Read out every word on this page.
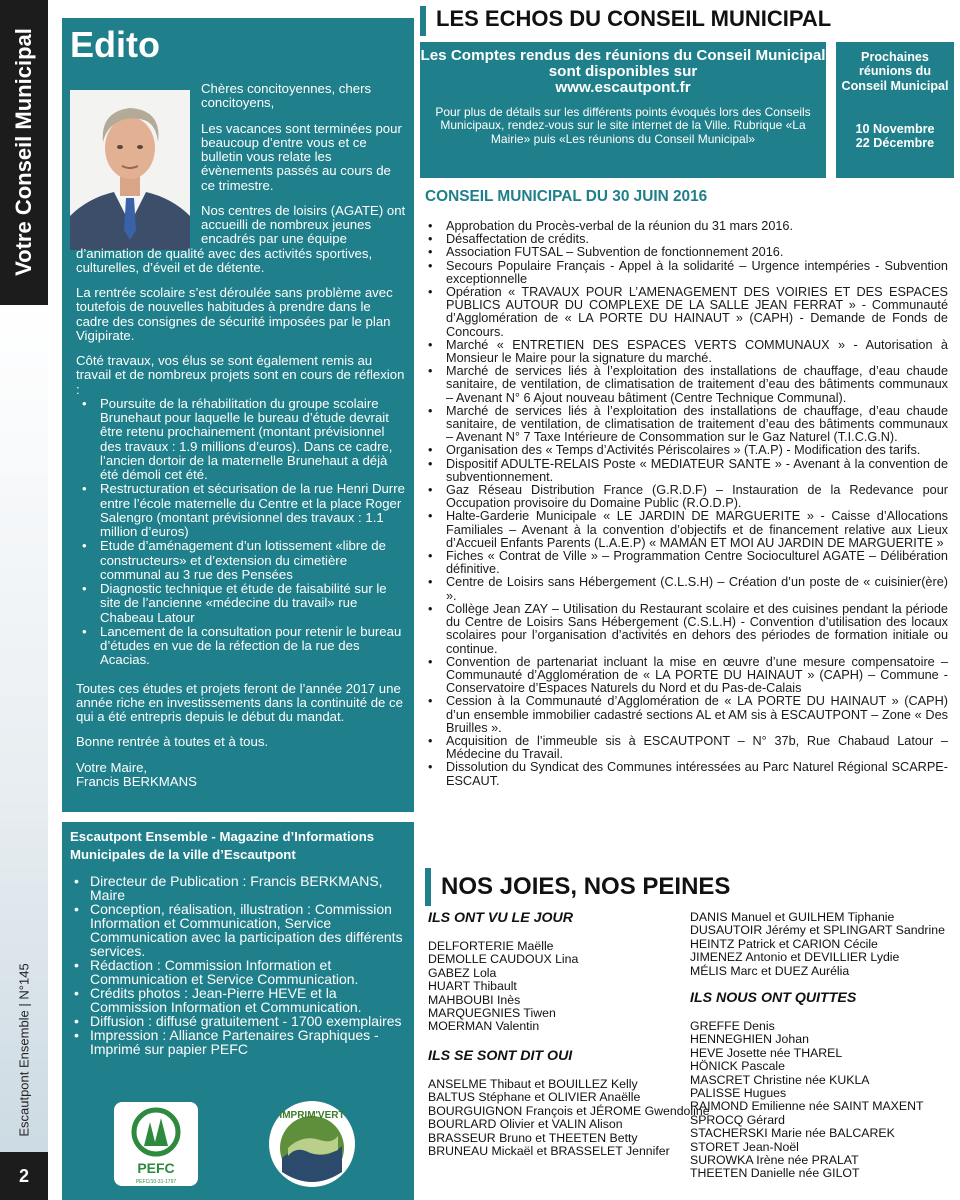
Votre Conseil Municipal
Escautpont Ensemble | N°145
2
Edito

Chères concitoyennes, chers concitoyens,

Les vacances sont terminées pour beaucoup d’entre vous et ce bulletin vous relate les évènements passés au cours de ce trimestre.

Nos centres de loisirs (AGATE) ont accueilli de nombreux jeunes encadrés par une équipe d’animation de qualité avec des activités sportives, culturelles, d’éveil et de détente.

La rentrée scolaire s’est déroulée sans problème avec toutefois de nouvelles habitudes à prendre dans le cadre des consignes de sécurité imposées par le plan Vigipirate.

Côté travaux, vos élus se sont également remis au travail et de nombreux projets sont en cours de réflexion :

• Poursuite de la réhabilitation du groupe scolaire Brunehaut pour laquelle le bureau d’étude devrait être retenu prochainement (montant prévisionnel des travaux : 1.9 millions d’euros). Dans ce cadre, l’ancien dortoir de la maternelle Brunehaut a déjà été démoli cet été.
• Restructuration et sécurisation de la rue Henri Durre entre l’école maternelle du Centre et la place Roger Salengro (montant prévisionnel des travaux : 1.1 million d’euros)
• Etude d’aménagement d’un lotissement «libre de constructeurs» et d’extension du cimetière communal au 3 rue des Pensées
• Diagnostic technique et étude de faisabilité sur le site de l’ancienne «médecine du travail» rue Chabeau Latour
• Lancement de la consultation pour retenir le bureau d’études en vue de la réfection de la rue des Acacias.

Toutes ces études et projets feront de l’année 2017 une année riche en investissements dans la continuité de ce qui a été entrepris depuis le début du mandat.

Bonne rentrée à toutes et à tous.

Votre Maire,
Francis BERKMANS
Escautpont Ensemble - Magazine d’Informations Municipales de la ville d’Escautpont
• Directeur de Publication : Francis BERKMANS, Maire
• Conception, réalisation, illustration : Commission Information et Communication, Service Communication avec la participation des différents services.
• Rédaction : Commission Information et Communication et Service Communication.
• Crédits photos : Jean-Pierre HEVE et la Commission Information et Communication.
• Diffusion : diffusé gratuitement - 1700 exemplaires
• Impression : Alliance Partenaires Graphiques - Imprimé sur papier PEFC
PEFC
PEFC/10-31-1797
IMPRIM'VERT
LES ECHOS DU CONSEIL MUNICIPAL
Les Comptes rendus des réunions du Conseil Municipal sont disponibles sur
www.escautpont.fr
Pour plus de détails sur les différents points évoqués lors des Conseils Municipaux, rendez-vous sur le site internet de la Ville. Rubrique «La Mairie» puis «Les réunions du Conseil Municipal»
Prochaines réunions du Conseil Municipal
10 Novembre
22 Décembre
CONSEIL MUNICIPAL DU 30 JUIN 2016
• Approbation du Procès-verbal de la réunion du 31 mars 2016.
• Désaffectation de crédits.
• Association FUTSAL – Subvention de fonctionnement 2016.
• Secours Populaire Français - Appel à la solidarité – Urgence intempéries - Subvention exceptionnelle
• Opération « TRAVAUX POUR L’AMENAGEMENT DES VOIRIES ET DES ESPACES PUBLICS AUTOUR DU COMPLEXE DE LA SALLE JEAN FERRAT » - Communauté d’Agglomération de « LA PORTE DU HAINAUT » (CAPH) - Demande de Fonds de Concours.
• Marché « ENTRETIEN DES ESPACES VERTS COMMUNAUX » - Autorisation à Monsieur le Maire pour la signature du marché.
• Marché de services liés à l’exploitation des installations de chauffage, d’eau chaude sanitaire, de ventilation, de climatisation de traitement d’eau des bâtiments communaux – Avenant N° 6 Ajout nouveau bâtiment (Centre Technique Communal).
• Marché de services liés à l’exploitation des installations de chauffage, d’eau chaude sanitaire, de ventilation, de climatisation de traitement d’eau des bâtiments communaux – Avenant N° 7 Taxe Intérieure de Consommation sur le Gaz Naturel (T.I.C.G.N).
• Organisation des « Temps d’Activités Périscolaires » (T.A.P) - Modification des tarifs.
• Dispositif ADULTE-RELAIS Poste « MEDIATEUR SANTE » - Avenant à la convention de subventionnement.
• Gaz Réseau Distribution France (G.R.D.F) – Instauration de la Redevance pour Occupation provisoire du Domaine Public (R.O.D.P).
• Halte-Garderie Municipale « LE JARDIN DE MARGUERITE » - Caisse d’Allocations Familiales – Avenant à la convention d’objectifs et de financement relative aux Lieux d’Accueil Enfants Parents (L.A.E.P) « MAMAN ET MOI AU JARDIN DE MARGUERITE »
• Fiches « Contrat de Ville » – Programmation Centre Socioculturel AGATE – Délibération définitive.
• Centre de Loisirs sans Hébergement (C.L.S.H) – Création d’un poste de « cuisinier(ère) ».
• Collège Jean ZAY – Utilisation du Restaurant scolaire et des cuisines pendant la période du Centre de Loisirs Sans Hébergement (C.S.L.H) - Convention d’utilisation des locaux scolaires pour l’organisation d’activités en dehors des périodes de formation initiale ou continue.
• Convention de partenariat incluant la mise en œuvre d’une mesure compensatoire – Communauté d’Agglomération de « LA PORTE DU HAINAUT » (CAPH) – Commune - Conservatoire d’Espaces Naturels du Nord et du Pas-de-Calais
• Cession à la Communauté d’Agglomération de « LA PORTE DU HAINAUT » (CAPH) d’un ensemble immobilier cadastré sections AL et AM sis à ESCAUTPONT – Zone « Des Bruilles ».
• Acquisition de l’immeuble sis à ESCAUTPONT – N° 37b, Rue Chabaud Latour – Médecine du Travail.
• Dissolution du Syndicat des Communes intéressées au Parc Naturel Régional SCARPE-ESCAUT.
NOS JOIES, NOS PEINES
ILS ONT VU LE JOUR
DELFORTERIE Maëlle
DEMOLLE CAUDOUX Lina
GABEZ Lola
HUART Thibault
MAHBOUBI Inès
MARQUEGNIES Tiwen
MOERMAN Valentin
ILS SE SONT DIT OUI
ANSELME Thibaut et BOUILLEZ Kelly
BALTUS Stéphane et OLIVIER Anaëlle
BOURGUIGNON François et JÉROME Gwendoline
BOURLARD Olivier et VALIN Alison
BRASSEUR Bruno et THEETEN Betty
BRUNEAU Mickaël et BRASSELET Jennifer
DANIS Manuel et GUILHEM Tiphanie
DUSAUTOIR Jérémy et SPLINGART Sandrine
HEINTZ Patrick et CARION Cécile
JIMENEZ Antonio et DEVILLIER Lydie
MÉLIS Marc et DUEZ Aurélia
ILS NOUS ONT QUITTES
GREFFE Denis
HENNEGHIEN Johan
HEVE Josette née THAREL
HÖNICK Pascale
MASCRET Christine née KUKLA
PALISSE Hugues
RAIMOND Emilienne née SAINT MAXENT
SPROCQ Gérard
STACHERSKI Marie née BALCAREK
STORET Jean-Noël
SUROWKA Irène née PRALAT
THEETEN Danielle née GILOT
